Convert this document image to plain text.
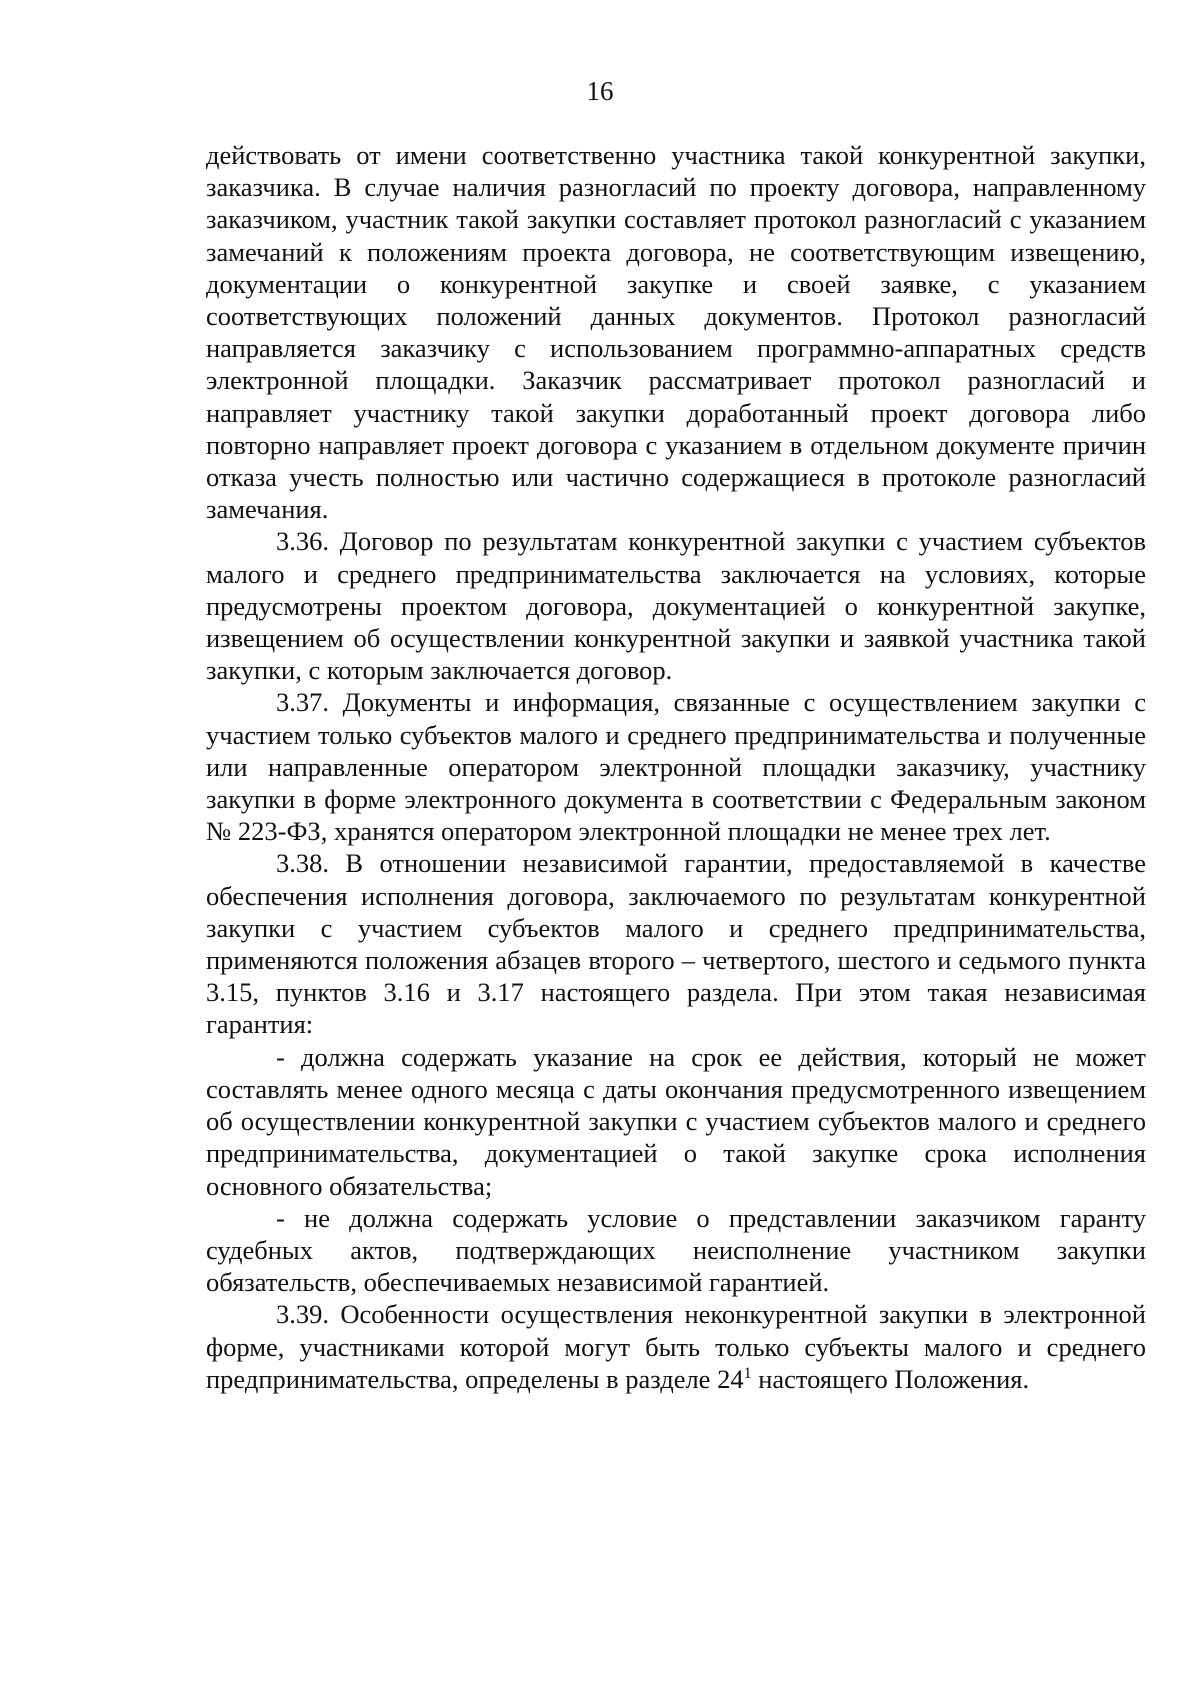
16

действовать от имени соответственно участника такой конкурентной закупки, заказчика. В случае наличия разногласий по проекту договора, направленному заказчиком, участник такой закупки составляет протокол разногласий с указанием замечаний к положениям проекта договора, не соответствующим извещению, документации о конкурентной закупке и своей заявке, с указанием соответствующих положений данных документов. Протокол разногласий направляется заказчику с использованием программно-аппаратных средств электронной площадки. Заказчик рассматривает протокол разногласий и направляет участнику такой закупки доработанный проект договора либо повторно направляет проект договора с указанием в отдельном документе причин отказа учесть полностью или частично содержащиеся в протоколе разногласий замечания.

3.36. Договор по результатам конкурентной закупки с участием субъектов малого и среднего предпринимательства заключается на условиях, которые предусмотрены проектом договора, документацией о конкурентной закупке, извещением об осуществлении конкурентной закупки и заявкой участника такой закупки, с которым заключается договор.

3.37. Документы и информация, связанные с осуществлением закупки с участием только субъектов малого и среднего предпринимательства и полученные или направленные оператором электронной площадки заказчику, участнику закупки в форме электронного документа в соответствии с Федеральным законом № 223-ФЗ, хранятся оператором электронной площадки не менее трех лет.

3.38. В отношении независимой гарантии, предоставляемой в качестве обеспечения исполнения договора, заключаемого по результатам конкурентной закупки с участием субъектов малого и среднего предпринимательства, применяются положения абзацев второго – четвертого, шестого и седьмого пункта 3.15, пунктов 3.16 и 3.17 настоящего раздела. При этом такая независимая гарантия:

- должна содержать указание на срок ее действия, который не может составлять менее одного месяца с даты окончания предусмотренного извещением об осуществлении конкурентной закупки с участием субъектов малого и среднего предпринимательства, документацией о такой закупке срока исполнения основного обязательства;

- не должна содержать условие о представлении заказчиком гаранту судебных актов, подтверждающих неисполнение участником закупки обязательств, обеспечиваемых независимой гарантией.

3.39. Особенности осуществления неконкурентной закупки в электронной форме, участниками которой могут быть только субъекты малого и среднего предпринимательства, определены в разделе 24$^1$ настоящего Положения.
